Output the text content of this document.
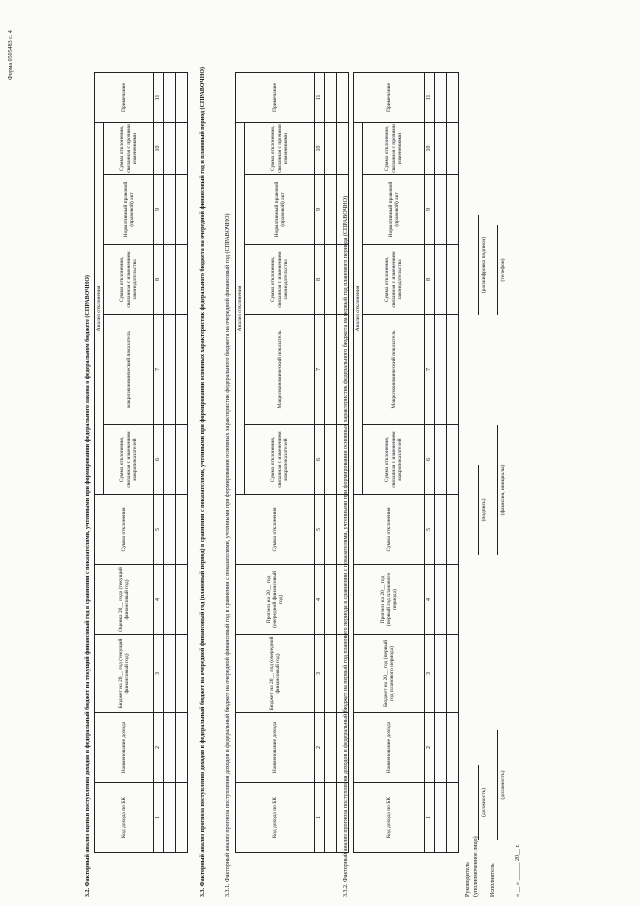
Форма 0505483 с. 4
3.2. Факторный анализ оценки поступления доходов в федеральный бюджет на текущий финансовый год в сравнении с показателями, учтенными при формировании федерального закона о федеральном бюджете (СПРАВОЧНО)	Код дохода по БК	Наименование дохода	Бюджет на 20__ год (текущий финансовый год)	Оценка 20__ года (текущий финансовый год)	Сумма отклонения	Анализ отклонения					Примечание
					Сумма отклонения, связанная с изменением макропоказателей	макроэкономический показатель	Сумма отклонения, связанная с изменением законодательства	Нормативный правовой (правовой) акт	Сумма отклонения, связанная с прочими изменениями	
1	2	3	4	5	6	7	8	9	10	11

											3.3. Факторный анализ прогноза поступления доходов в федеральный бюджет на очередной финансовый год (плановый период) в сравнении с показателями, учтенными при формировании основных характеристик федерального бюджета на очередной финансовый год и плановый период (СПРАВОЧНО)	3.3.1. Факторный анализ прогноза поступления доходов в федеральный бюджет на очередной финансовый год в сравнении с показателями, учтенными при формировании основных характеристик федерального бюджета на очередной финансовый год (СПРАВОЧНО)	Код дохода по БК	Наименование дохода	Бюджет на 20__ год (очередной финансовый год)	Прогноз на 20__ год (очередной финансовый год)	Сумма отклонения	Анализ отклонения					Примечание
					Сумма отклонения, связанная с изменением макропоказателей	Макроэкономический показатель	Сумма отклонения, связанная с изменением законодательства	Нормативный правовой (правовой) акт	Сумма отклонения, связанная с прочими изменениями	
1	2	3	4	5	6	7	8	9	10	11

3.3.2. Факторный анализ прогноза поступления доходов в федеральный бюджет на первый год планового периода в сравнении с показателями, учтенными при формировании основных характеристик федерального бюджета на первый год планового периода (СПРАВОЧНО)	Код дохода по БК	Наименование дохода	Бюджет на 20__ год (первый год планового периода)	Прогноз на 20__ год (первый год планового периода)	Сумма отклонения	Анализ отклонения					Примечание
					Сумма отклонения, связанная с изменением макропоказателей	Макроэкономический показатель	Сумма отклонения, связанная с изменением законодательства	Нормативный правовой (правовой) акт	Сумма отклонения, связанная с прочими изменениями	
1	2	3	4	5	6	7	8	9	10	11

Руководитель (уполномоченное лицо)
(должность)
(подпись)
(расшифровка подписи)
Исполнитель
(должность)
(фамилия, инициалы)
(телефон)
« __ » ______ 20__ г.
